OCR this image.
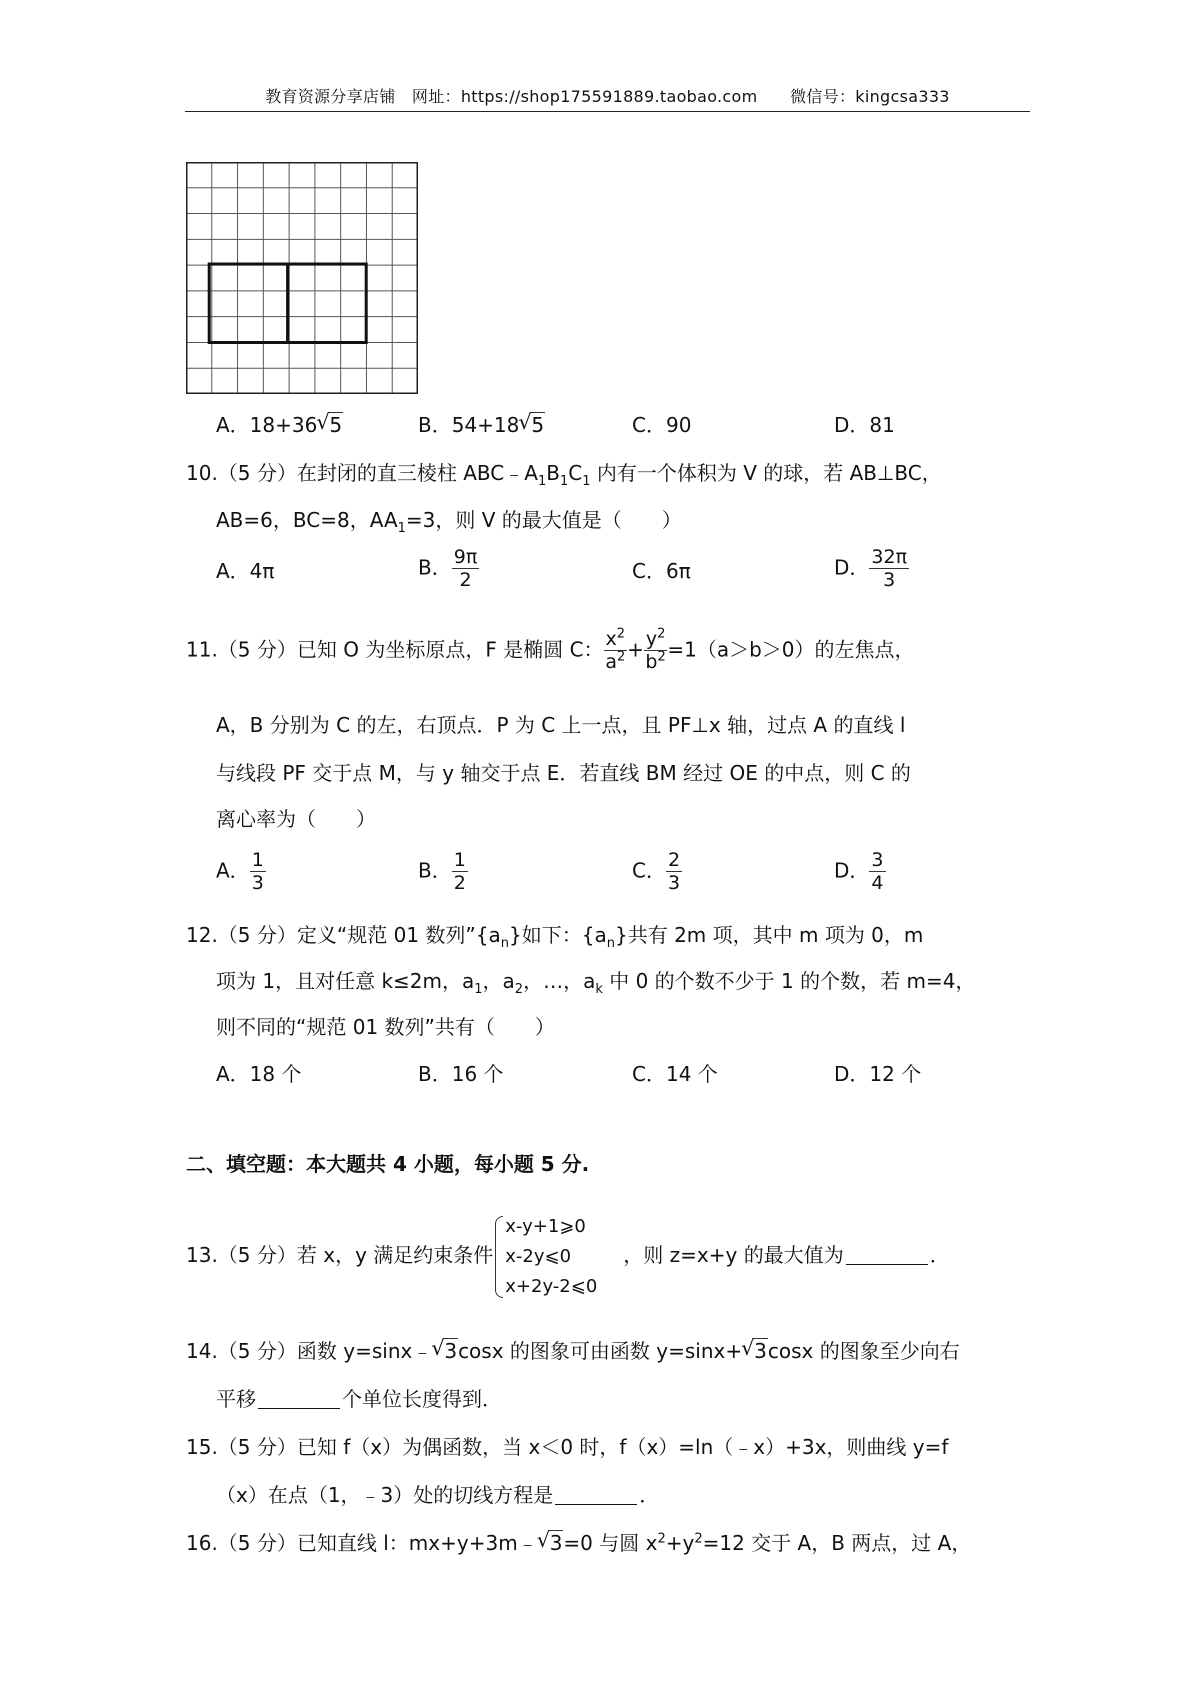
教育资源分享店铺　网址：https://shop175591889.taobao.com　　微信号：kingcsa333
A．18+36 √ 5	B．54+18 √ 5	C．90	D．81
10.（5 分）在封闭的直三棱柱 $ABC﹣A_1B_1C_1$ 内有一个体积为 V 的球，若 AB⊥BC，
AB=6，BC=8，$AA_1=3$，则 V 的最大值是（　　）
A．4π	B． $\frac{9\pi}{2}$	C．6π	D． $\frac{32\pi}{3}$
11.（5 分）已知 O 为坐标原点，F 是椭圆 C： $\frac{x^2}{a^2} + \frac{y^2}{b^2} =1(a>b>0)$的左焦点，
A，B 分别为 C 的左，右顶点．P 为 C 上一点，且 PF⊥x 轴，过点 A 的直线 l
与线段 PF 交于点 M，与 y 轴交于点 E．若直线 BM 经过 OE 的中点，则 C 的
离心率为（　　）
A． $\frac{1}{3}$	B． $\frac{1}{2}$	C． $\frac{2}{3}$	D． $\frac{3}{4}$
12.（5 分）定义“规范 01 数列$”\{a_n\}$如下：$\{a_n\}$共有 2m 项，其中 m 项为 0，m
项为 1，且对任意 k≤2m，$a_1$，$a_2$，…，$a_k$ 中 0 的个数不少于 1 的个数，若 m=4，
则不同的“规范 01 数列”共有（　　）
A．18 个	B．16 个	C．14 个	D．12 个
二、填空题：本大题共 4 小题，每小题 5 分.
13.（5 分）若 x，y 满足约束条件
x-y+1⩾0
x-2y⩽0
x+2y-2⩽0
，则 z=x+y 的最大值为	．
14.（5 分）函数 y=sinx﹣ √ 3cosx 的图象可由函数 y=sinx+ √ 3cosx 的图象至少向右
平移	个单位长度得到．
15.（5 分）已知 f（x）为偶函数，当 x＜0 时，f（x）=ln（﹣x）+3x，则曲线 y=f
（x）在点（1，﹣3）处的切线方程是	．
16.（5 分）已知直线 l：mx+y+3m﹣ √ 3=0 与圆 $x^2+y^2=12$ 交于 A，B 两点，过 A，
